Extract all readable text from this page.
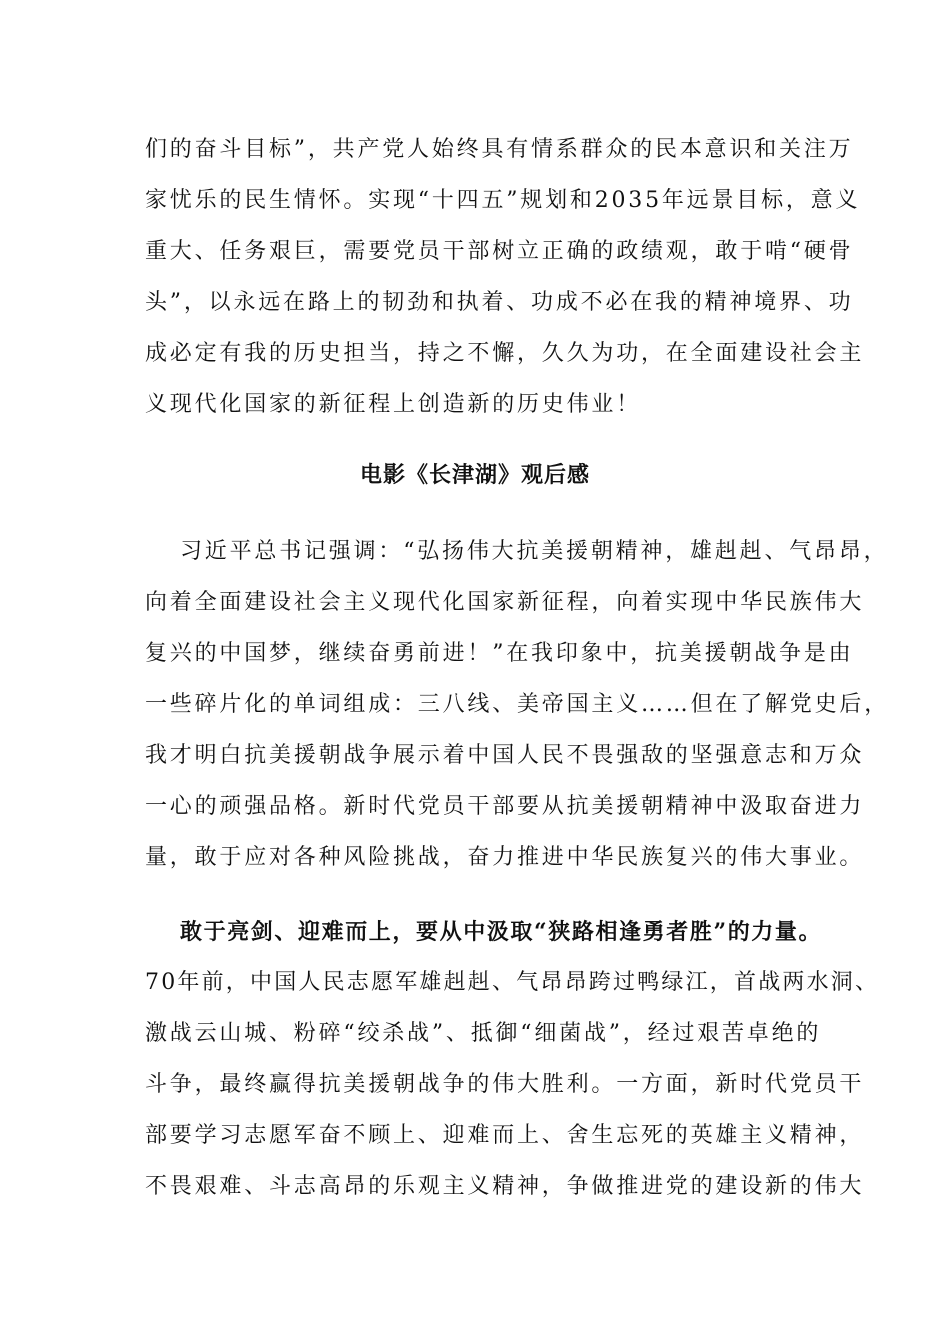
们的奋斗目标”，共产党人始终具有情系群众的民本意识和关注万
家忧乐的民生情怀。实现“十四五”规划和2035年远景目标，意义
重大、任务艰巨，需要党员干部树立正确的政绩观，敢于啃“硬骨
头”，以永远在路上的韧劲和执着、功成不必在我的精神境界、功
成必定有我的历史担当，持之不懈，久久为功，在全面建设社会主
义现代化国家的新征程上创造新的历史伟业！
电影《长津湖》观后感
习近平总书记强调：“弘扬伟大抗美援朝精神，雄赳赳、气昂昂，
向着全面建设社会主义现代化国家新征程，向着实现中华民族伟大
复兴的中国梦，继续奋勇前进！”在我印象中，抗美援朝战争是由
一些碎片化的单词组成：三八线、美帝国主义……但在了解党史后，
我才明白抗美援朝战争展示着中国人民不畏强敌的坚强意志和万众
一心的顽强品格。新时代党员干部要从抗美援朝精神中汲取奋进力
量，敢于应对各种风险挑战，奋力推进中华民族复兴的伟大事业。
敢于亮剑、迎难而上，要从中汲取“狭路相逢勇者胜”的力量。
70年前，中国人民志愿军雄赳赳、气昂昂跨过鸭绿江，首战两水洞、
激战云山城、粉碎“绞杀战”、抵御“细菌战”，经过艰苦卓绝的
斗争，最终赢得抗美援朝战争的伟大胜利。一方面，新时代党员干
部要学习志愿军奋不顾上、迎难而上、舍生忘死的英雄主义精神，
不畏艰难、斗志高昂的乐观主义精神，争做推进党的建设新的伟大
